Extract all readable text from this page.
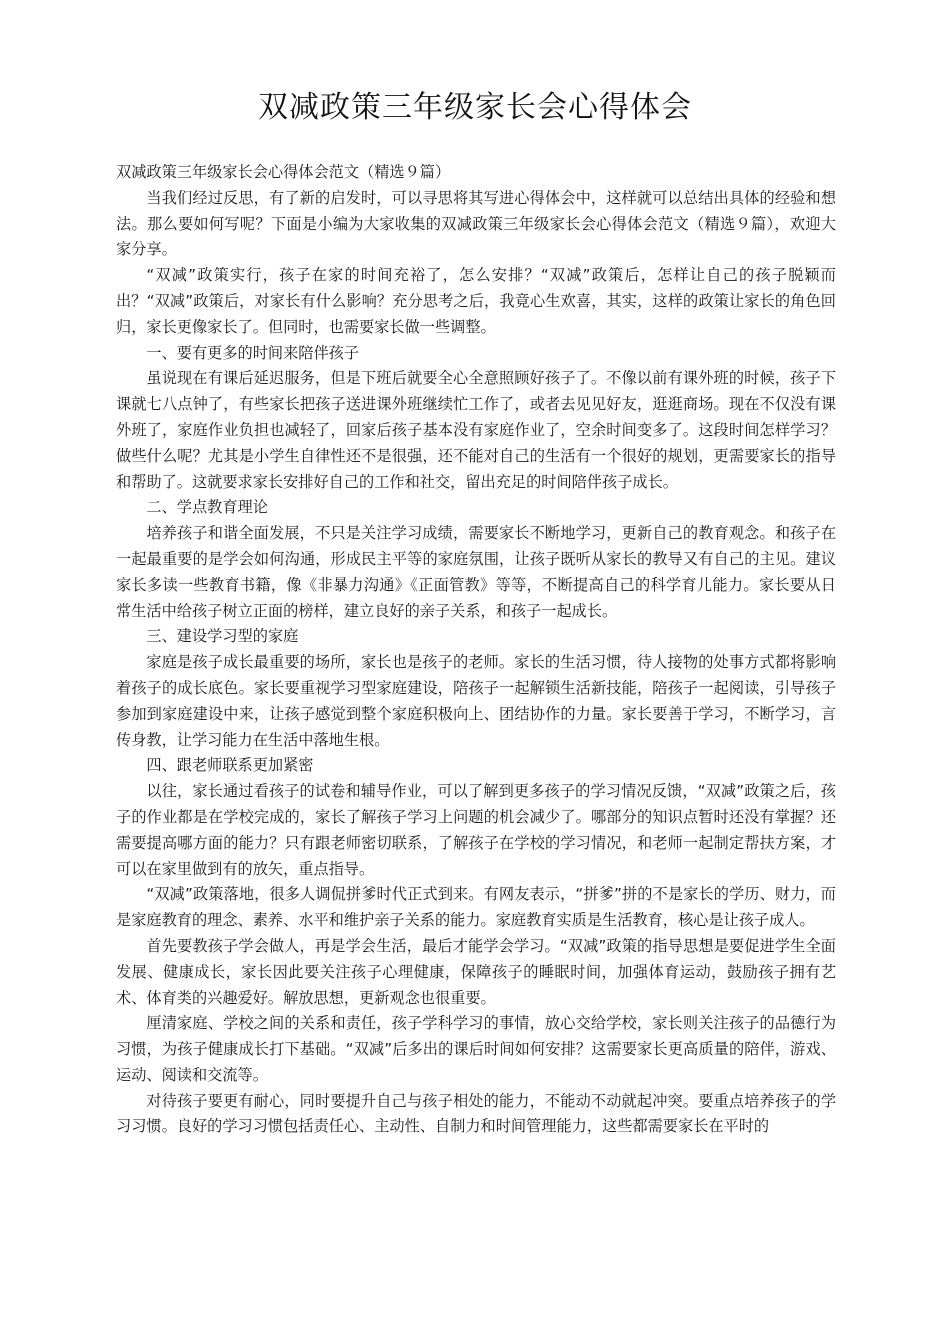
双减政策三年级家长会心得体会

双减政策三年级家长会心得体会范文（精选９篇）

当我们经过反思，有了新的启发时，可以寻思将其写进心得体会中，这样就可以总结出具体的经验和想法。那么要如何写呢？下面是小编为大家收集的双减政策三年级家长会心得体会范文（精选９篇），欢迎大家分享。

“双减”政策实行，孩子在家的时间充裕了，怎么安排？“双减”政策后，怎样让自己的孩子脱颖而出？“双减”政策后，对家长有什么影响？充分思考之后，我竟心生欢喜，其实，这样的政策让家长的角色回归，家长更像家长了。但同时，也需要家长做一些调整。

一、要有更多的时间来陪伴孩子

虽说现在有课后延迟服务，但是下班后就要全心全意照顾好孩子了。不像以前有课外班的时候，孩子下课就七八点钟了，有些家长把孩子送进课外班继续忙工作了，或者去见见好友，逛逛商场。现在不仅没有课外班了，家庭作业负担也减轻了，回家后孩子基本没有家庭作业了，空余时间变多了。这段时间怎样学习？做些什么呢？尤其是小学生自律性还不是很强，还不能对自己的生活有一个很好的规划，更需要家长的指导和帮助了。这就要求家长安排好自己的工作和社交，留出充足的时间陪伴孩子成长。

二、学点教育理论

培养孩子和谐全面发展，不只是关注学习成绩，需要家长不断地学习，更新自己的教育观念。和孩子在一起最重要的是学会如何沟通，形成民主平等的家庭氛围，让孩子既听从家长的教导又有自己的主见。建议家长多读一些教育书籍，像《非暴力沟通》《正面管教》等等，不断提高自己的科学育儿能力。家长要从日常生活中给孩子树立正面的榜样，建立良好的亲子关系，和孩子一起成长。

三、建设学习型的家庭

家庭是孩子成长最重要的场所，家长也是孩子的老师。家长的生活习惯，待人接物的处事方式都将影响着孩子的成长底色。家长要重视学习型家庭建设，陪孩子一起解锁生活新技能，陪孩子一起阅读，引导孩子参加到家庭建设中来，让孩子感觉到整个家庭积极向上、团结协作的力量。家长要善于学习，不断学习，言传身教，让学习能力在生活中落地生根。

四、跟老师联系更加紧密

以往，家长通过看孩子的试卷和辅导作业，可以了解到更多孩子的学习情况反馈，“双减”政策之后，孩子的作业都是在学校完成的，家长了解孩子学习上问题的机会减少了。哪部分的知识点暂时还没有掌握？还需要提高哪方面的能力？只有跟老师密切联系，了解孩子在学校的学习情况，和老师一起制定帮扶方案，才可以在家里做到有的放矢，重点指导。

“双减”政策落地，很多人调侃拼爹时代正式到来。有网友表示，“拼爹”拼的不是家长的学历、财力，而是家庭教育的理念、素养、水平和维护亲子关系的能力。家庭教育实质是生活教育，核心是让孩子成人。

首先要教孩子学会做人，再是学会生活，最后才能学会学习。“双减”政策的指导思想是要促进学生全面发展、健康成长，家长因此要关注孩子心理健康，保障孩子的睡眠时间，加强体育运动，鼓励孩子拥有艺术、体育类的兴趣爱好。解放思想，更新观念也很重要。

厘清家庭、学校之间的关系和责任，孩子学科学习的事情，放心交给学校，家长则关注孩子的品德行为习惯，为孩子健康成长打下基础。“双减”后多出的课后时间如何安排？这需要家长更高质量的陪伴，游戏、运动、阅读和交流等。

对待孩子要更有耐心，同时要提升自己与孩子相处的能力，不能动不动就起冲突。要重点培养孩子的学习习惯。良好的学习习惯包括责任心、主动性、自制力和时间管理能力，这些都需要家长在平时的
